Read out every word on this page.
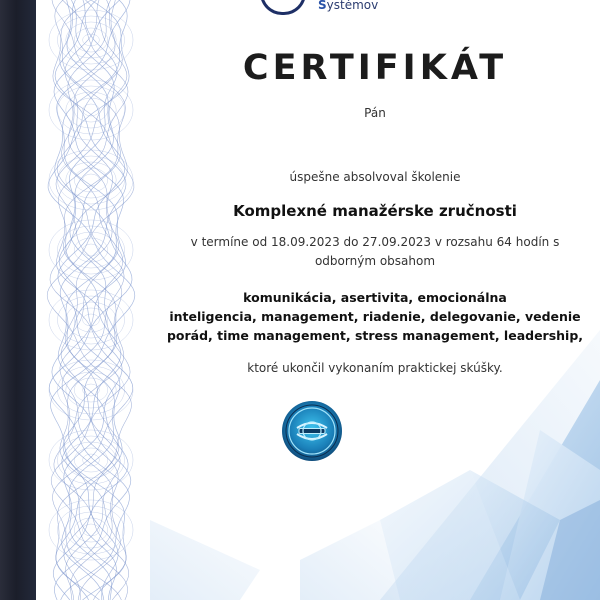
Systémov
CERTIFIKÁT
Pán
úspešne absolvoval školenie
Komplexné manažérske zručnosti
v termíne od 18.09.2023 do 27.09.2023 v rozsahu 64 hodín s
odborným obsahom
komunikácia, asertivita, emocionálna
inteligencia, management, riadenie, delegovanie, vedenie
porád, time management, stress management, leadership,
ktoré ukončil vykonaním praktickej skúšky.
